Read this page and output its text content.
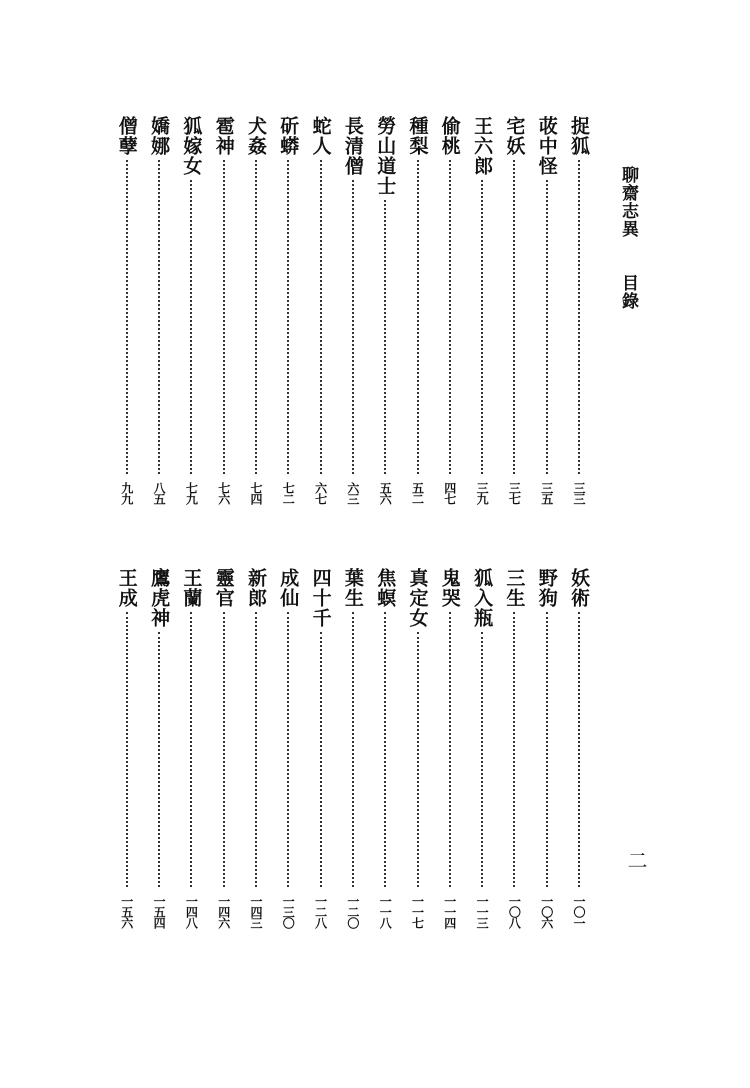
聊齋志異目錄
二
捉狐
三三
荍中怪
三五
宅妖
三七
王六郎
三九
偷桃
四七
種梨
五二
勞山道士
五六
長清僧
六三
蛇人
六七
斫蟒
七二
犬姦
七四
雹神
七六
狐嫁女
七九
嬌娜
八五
僧孽
九九
妖術
一〇一
野狗
一〇六
三生
一〇八
狐入瓶
一一三
鬼哭
一一四
真定女
一一七
焦螟
一一八
葉生
一二〇
四十千
一二八
成仙
一三〇
新郎
一四三
靈官
一四六
王蘭
一四八
鷹虎神
一五四
王成
一五六
